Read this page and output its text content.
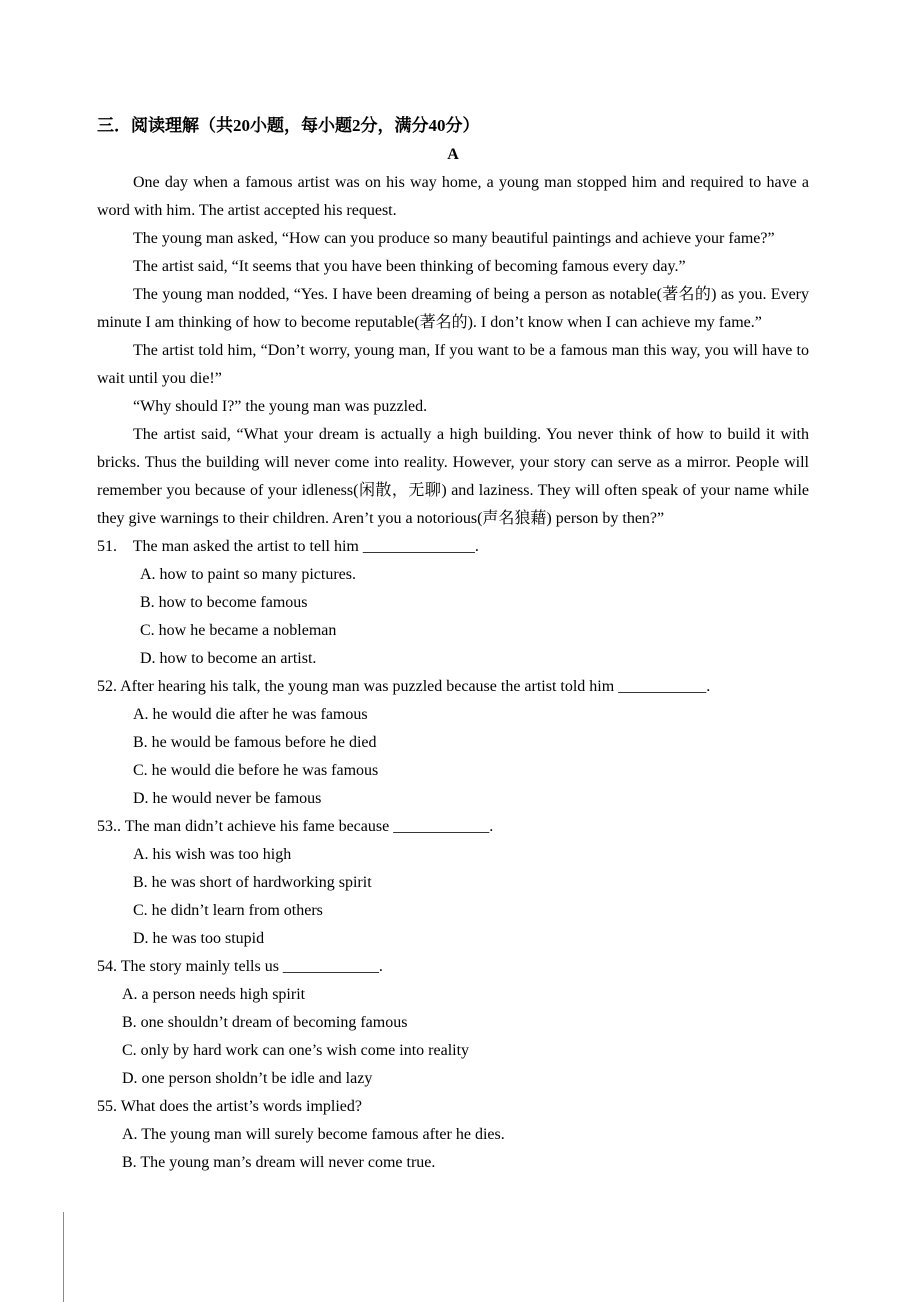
三．阅读理解（共20小题，每小题2分，满分40分）
A

One day when a famous artist was on his way home, a young man stopped him and required to have a word with him. The artist accepted his request.

The young man asked, “How can you produce so many beautiful paintings and achieve your fame?”

The artist said, “It seems that you have been thinking of becoming famous every day.”

The young man nodded, “Yes. I have been dreaming of being a person as notable(著名的) as you. Every minute I am thinking of how to become reputable(著名的). I don’t know when I can achieve my fame.”

The artist told him, “Don’t worry, young man, If you want to be a famous man this way, you will have to wait until you die!”

“Why should I?” the young man was puzzled.

The artist said, “What your dream is actually a high building. You never think of how to build it with bricks. Thus the building will never come into reality. However, your story can serve as a mirror. People will remember you because of your idleness(闲散，无聊) and laziness. They will often speak of your name while they give warnings to their children. Aren’t you a notorious(声名狼藉) person by then?”

51.    The man asked the artist to tell him ______________.

A. how to paint so many pictures.

B. how to become famous

C. how he became a nobleman

D. how to become an artist.

52. After hearing his talk, the young man was puzzled because the artist told him ___________.

A. he would die after he was famous

B. he would be famous before he died

C. he would die before he was famous

D. he would never be famous

53.. The man didn’t achieve his fame because ____________.

A. his wish was too high

B. he was short of hardworking spirit

C. he didn’t learn from others

D. he was too stupid

54. The story mainly tells us ____________.

A. a person needs high spirit

B. one shouldn’t dream of becoming famous

C. only by hard work can one’s wish come into reality

D. one person sholdn’t be idle and lazy

55. What does the artist’s words implied?

A. The young man will surely become famous after he dies.

B. The young man’s dream will never come true.
